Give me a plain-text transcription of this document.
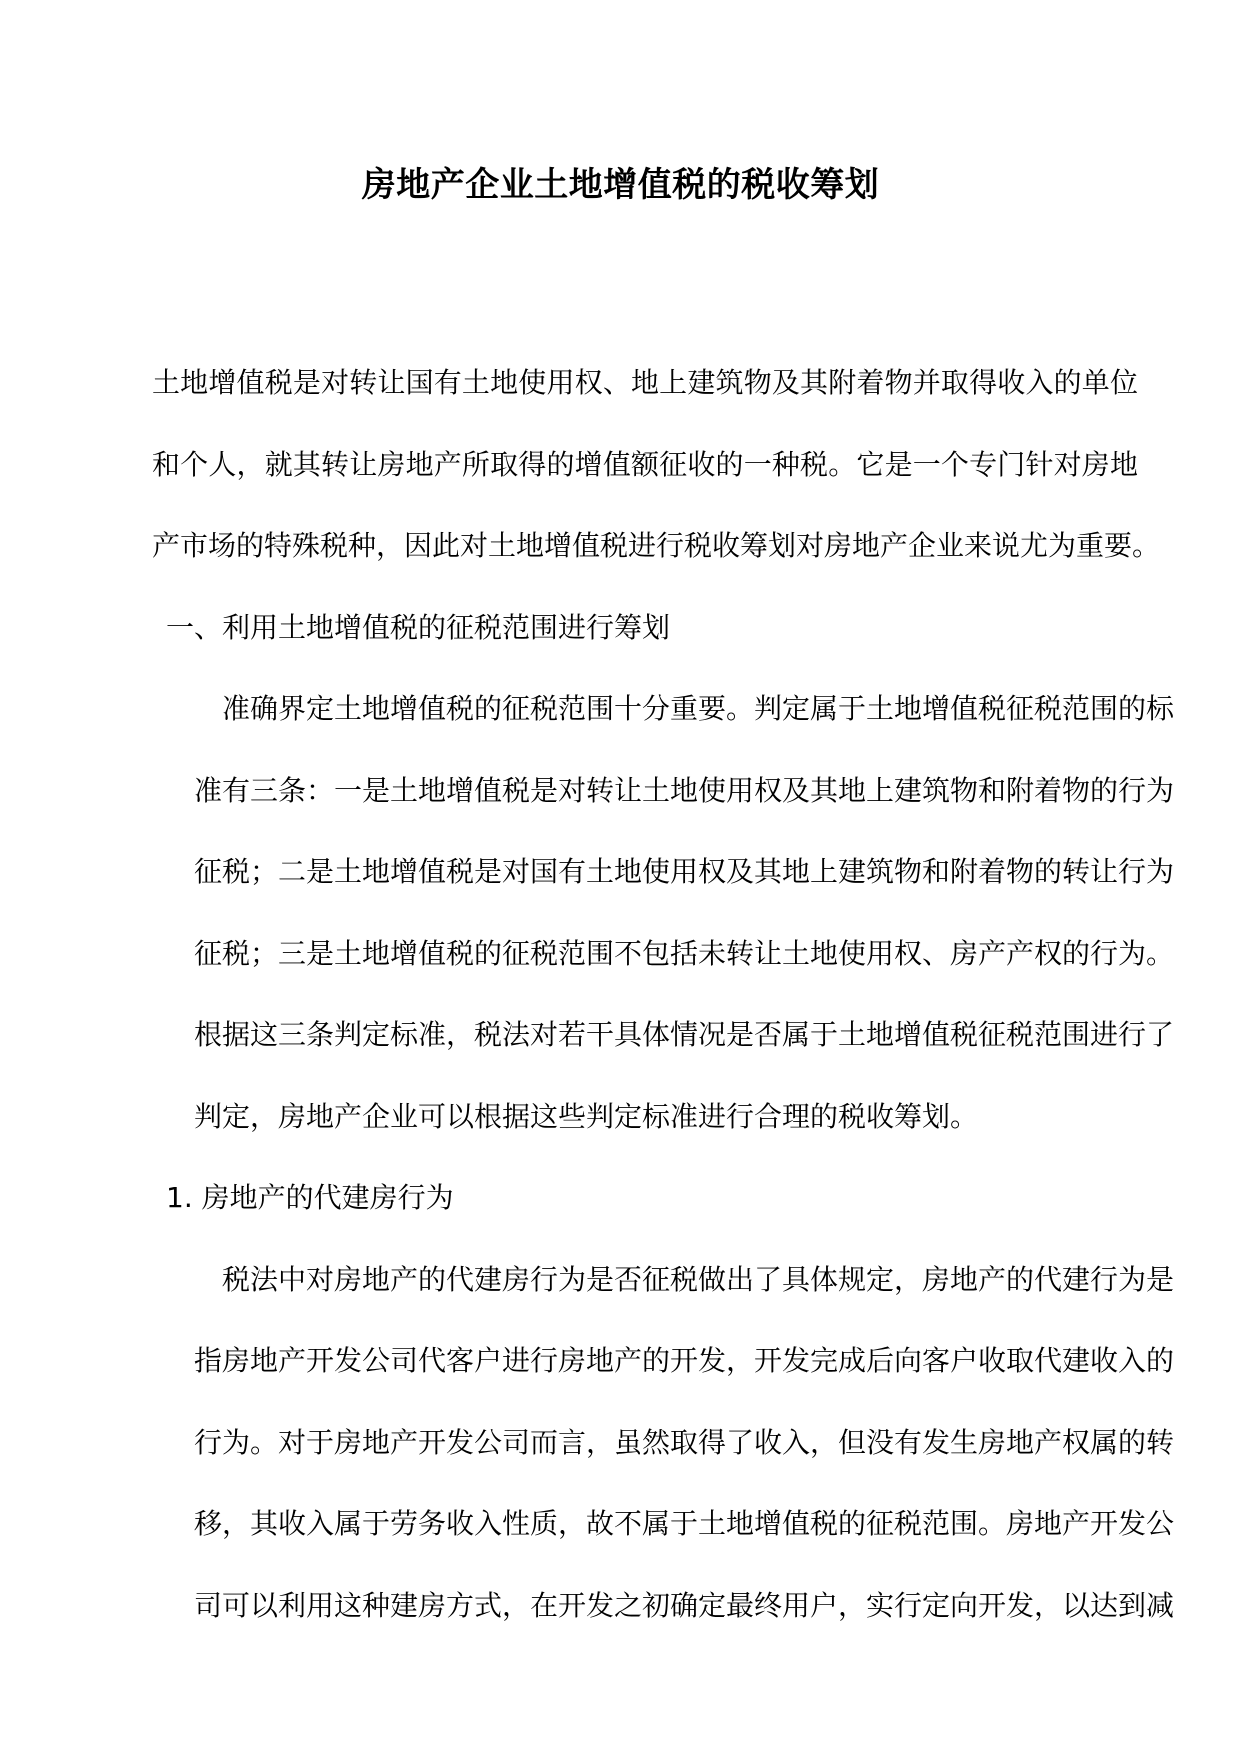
房地产企业土地增值税的税收筹划

土地增值税是对转让国有土地使用权、地上建筑物及其附着物并取得收入的单位
和个人，就其转让房地产所取得的增值额征收的一种税。它是一个专门针对房地
产市场的特殊税种，因此对土地增值税进行税收筹划对房地产企业来说尤为重要。

一、利用土地增值税的征税范围进行筹划

准确界定土地增值税的征税范围十分重要。判定属于土地增值税征税范围的标
准有三条：一是土地增值税是对转让土地使用权及其地上建筑物和附着物的行为
征税；二是土地增值税是对国有土地使用权及其地上建筑物和附着物的转让行为
征税；三是土地增值税的征税范围不包括未转让土地使用权、房产产权的行为。
根据这三条判定标准，税法对若干具体情况是否属于土地增值税征税范围进行了
判定，房地产企业可以根据这些判定标准进行合理的税收筹划。

1. 房地产的代建房行为

税法中对房地产的代建房行为是否征税做出了具体规定，房地产的代建行为是
指房地产开发公司代客户进行房地产的开发，开发完成后向客户收取代建收入的
行为。对于房地产开发公司而言，虽然取得了收入，但没有发生房地产权属的转
移，其收入属于劳务收入性质，故不属于土地增值税的征税范围。房地产开发公
司可以利用这种建房方式，在开发之初确定最终用户，实行定向开发，以达到减
